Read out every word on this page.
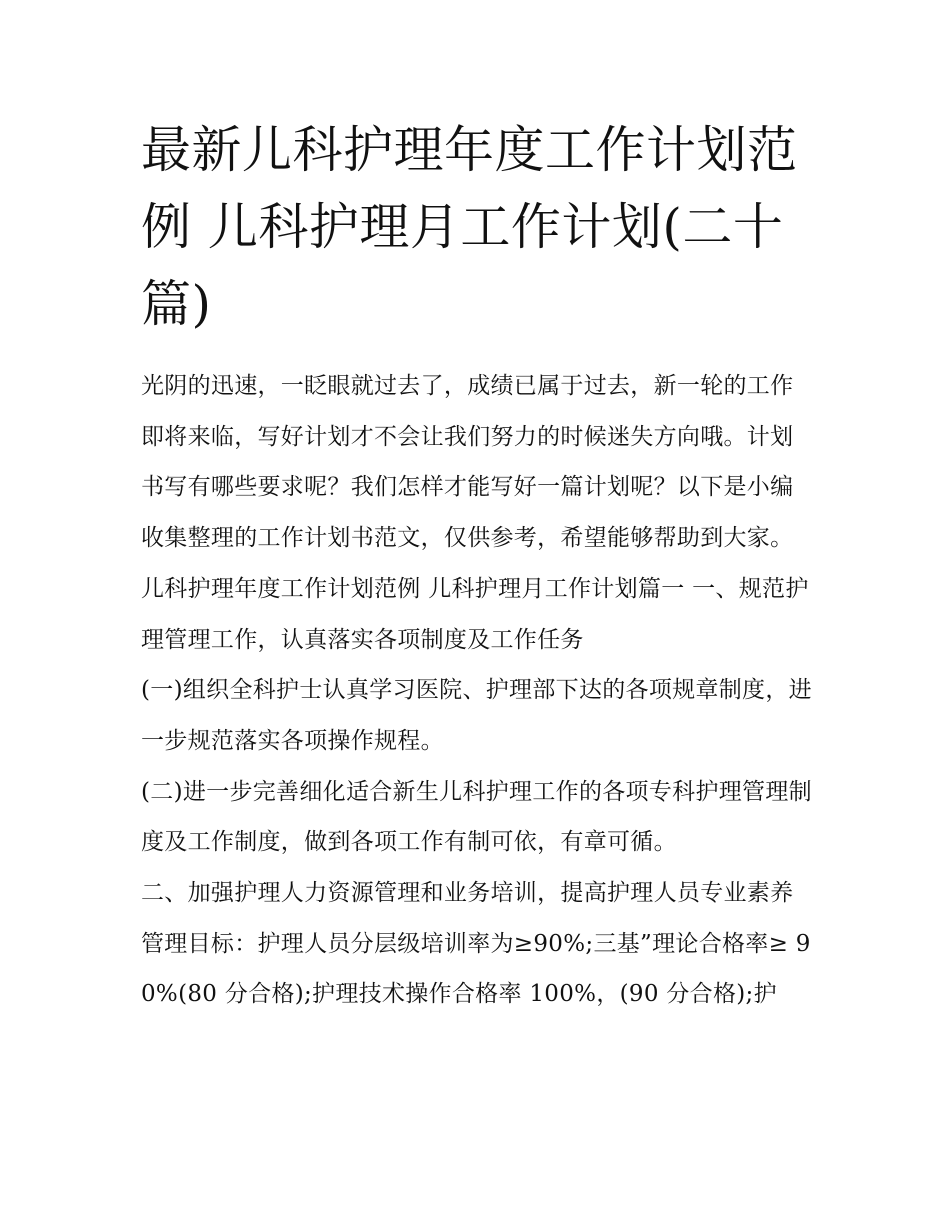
最新儿科护理年度工作计划范例 儿科护理月工作计划(二十篇)

光阴的迅速，一眨眼就过去了，成绩已属于过去，新一轮的工作即将来临，写好计划才不会让我们努力的时候迷失方向哦。计划书写有哪些要求呢？我们怎样才能写好一篇计划呢？以下是小编收集整理的工作计划书范文，仅供参考，希望能够帮助到大家。

儿科护理年度工作计划范例 儿科护理月工作计划篇一 一、规范护理管理工作，认真落实各项制度及工作任务

(一)组织全科护士认真学习医院、护理部下达的各项规章制度，进一步规范落实各项操作规程。

(二)进一步完善细化适合新生儿科护理工作的各项专科护理管理制度及工作制度，做到各项工作有制可依，有章可循。

二、加强护理人力资源管理和业务培训，提高护理人员专业素养

管理目标：护理人员分层级培训率为≥90%;三基”理论合格率≥ 90%(80 分合格);护理技术操作合格率 100%，(90 分合格);护
